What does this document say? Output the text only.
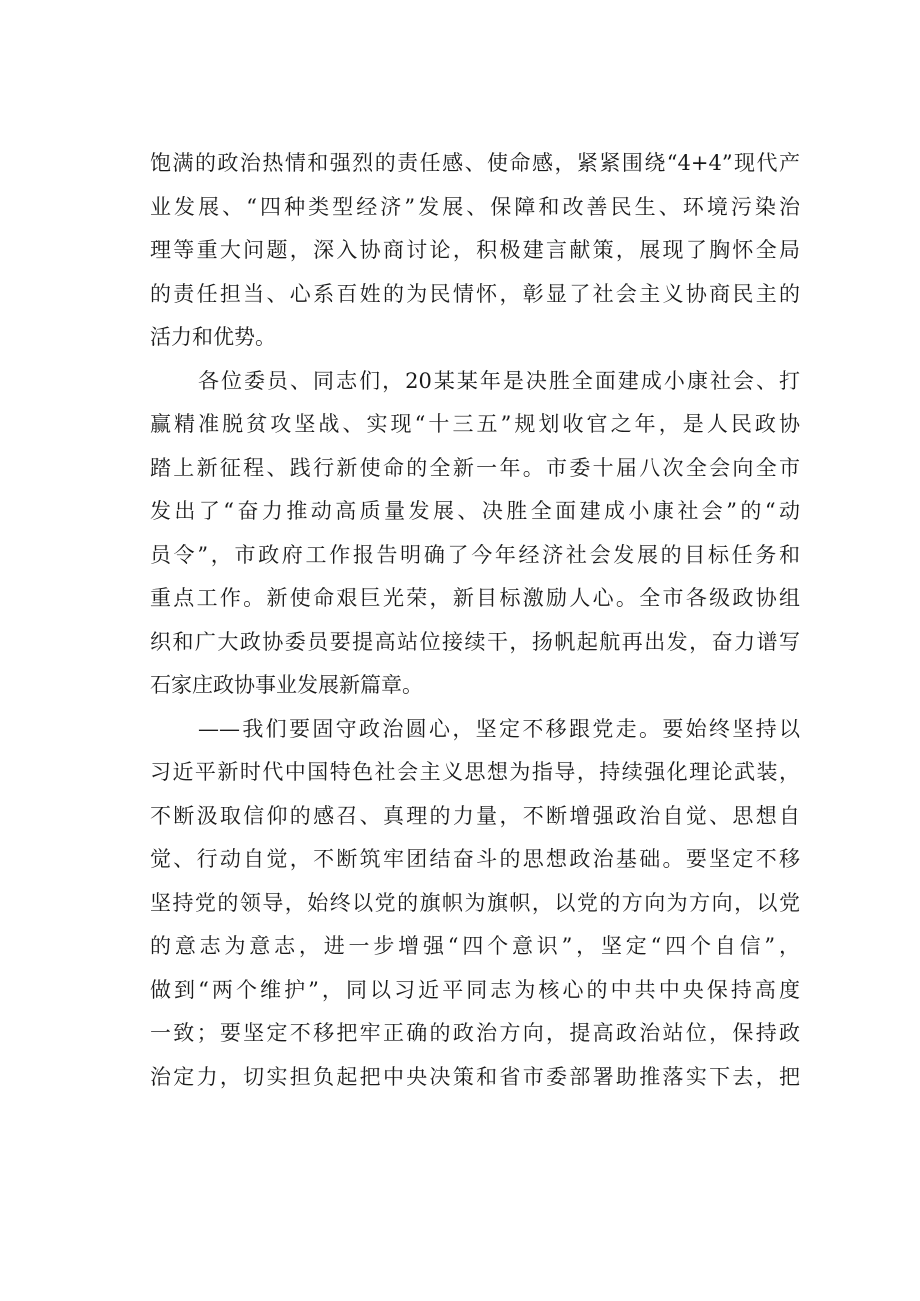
饱满的政治热情和强烈的责任感、使命感，紧紧围绕“4+4”现代产
业发展、“四种类型经济”发展、保障和改善民生、环境污染治
理等重大问题，深入协商讨论，积极建言献策，展现了胸怀全局
的责任担当、心系百姓的为民情怀，彰显了社会主义协商民主的
活力和优势。
各位委员、同志们，20某某年是决胜全面建成小康社会、打
赢精准脱贫攻坚战、实现“十三五”规划收官之年，是人民政协
踏上新征程、践行新使命的全新一年。市委十届八次全会向全市
发出了“奋力推动高质量发展、决胜全面建成小康社会”的“动
员令”，市政府工作报告明确了今年经济社会发展的目标任务和
重点工作。新使命艰巨光荣，新目标激励人心。全市各级政协组
织和广大政协委员要提高站位接续干，扬帆起航再出发，奋力谱写
石家庄政协事业发展新篇章。
——我们要固守政治圆心，坚定不移跟党走。要始终坚持以
习近平新时代中国特色社会主义思想为指导，持续强化理论武装，
不断汲取信仰的感召、真理的力量，不断增强政治自觉、思想自
觉、行动自觉，不断筑牢团结奋斗的思想政治基础。要坚定不移
坚持党的领导，始终以党的旗帜为旗帜，以党的方向为方向，以党
的意志为意志，进一步增强“四个意识”，坚定“四个自信”，
做到“两个维护”，同以习近平同志为核心的中共中央保持高度
一致；要坚定不移把牢正确的政治方向，提高政治站位，保持政
治定力，切实担负起把中央决策和省市委部署助推落实下去，把
